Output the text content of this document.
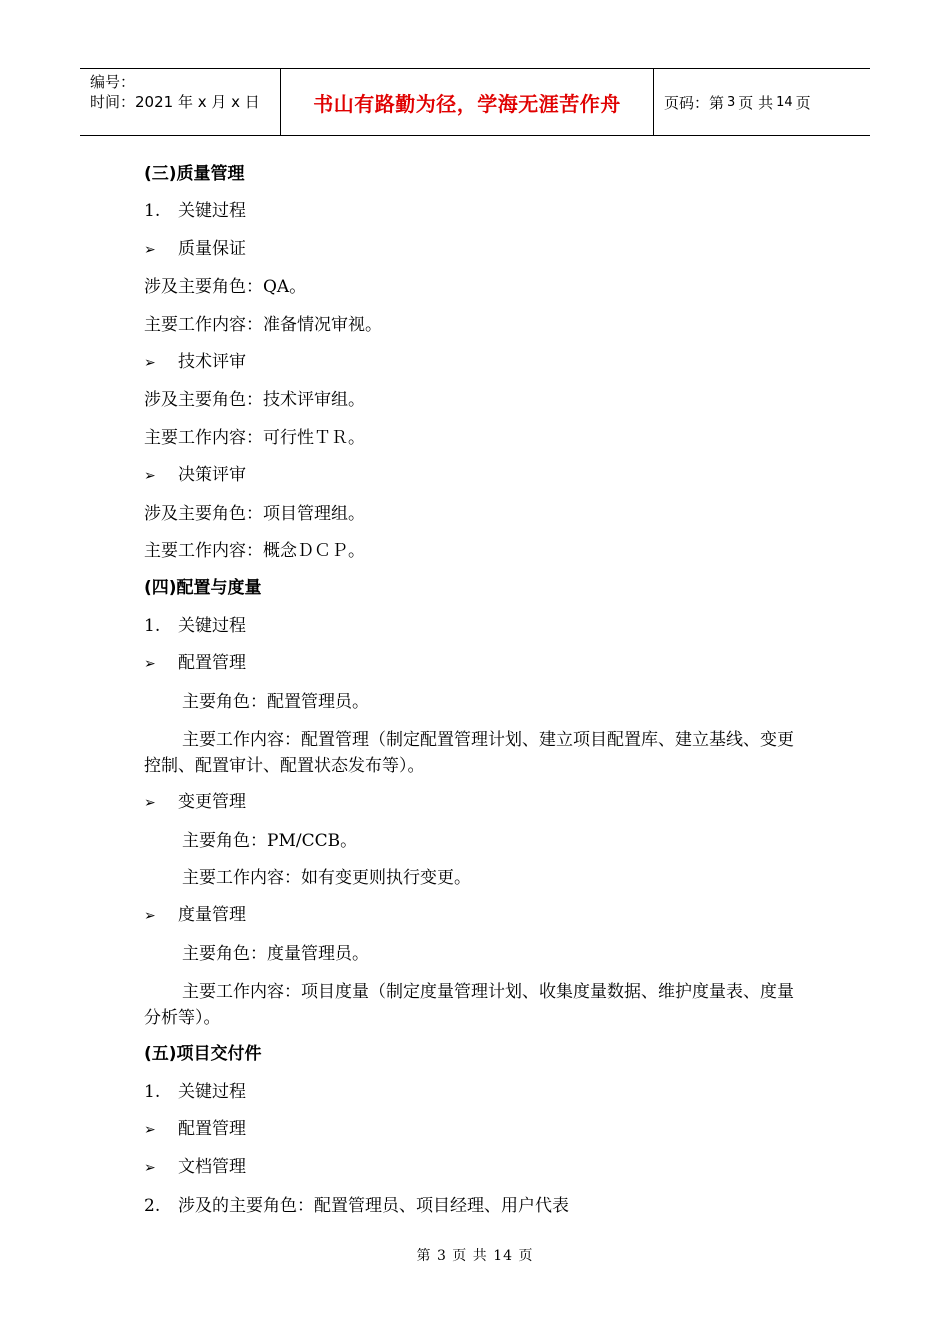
编号：
时间：2021 年 x 月 x 日	书山有路勤为径，学海无涯苦作舟	页码：第 3 页 共 14 页
(三)质量管理
1. 关键过程
➢ 质量保证
涉及主要角色：QA。
主要工作内容：准备情况审视。
➢ 技术评审
涉及主要角色：技术评审组。
主要工作内容：可行性ＴＲ。
➢ 决策评审
涉及主要角色：项目管理组。
主要工作内容：概念ＤＣＰ。
(四)配置与度量
1. 关键过程
➢ 配置管理
主要角色：配置管理员。
主要工作内容：配置管理（制定配置管理计划、建立项目配置库、建立基线、变更控制、配置审计、配置状态发布等）。
➢ 变更管理
主要角色：PM/CCB。
主要工作内容：如有变更则执行变更。
➢ 度量管理
主要角色：度量管理员。
主要工作内容：项目度量（制定度量管理计划、收集度量数据、维护度量表、度量分析等）。
(五)项目交付件
1. 关键过程
➢ 配置管理
➢ 文档管理
2. 涉及的主要角色：配置管理员、项目经理、用户代表
第 3 页 共 14 页
